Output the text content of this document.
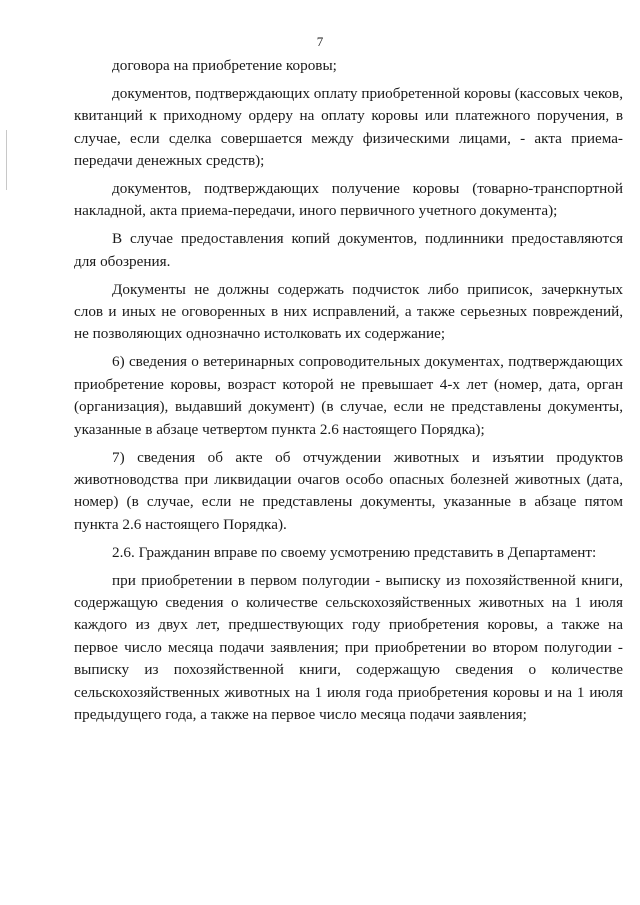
7

договора на приобретение коровы;

документов, подтверждающих оплату приобретенной коровы (кассовых чеков, квитанций к приходному ордеру на оплату коровы или платежного поручения, в случае, если сделка совершается между физическими лицами, - акта приема-передачи денежных средств);

документов, подтверждающих получение коровы (товарно-транспортной накладной, акта приема-передачи, иного первичного учетного документа);

В случае предоставления копий документов, подлинники предоставляются для обозрения.

Документы не должны содержать подчисток либо приписок, зачеркнутых слов и иных не оговоренных в них исправлений, а также серьезных повреждений, не позволяющих однозначно истолковать их содержание;

6) сведения о ветеринарных сопроводительных документах, подтверждающих приобретение коровы, возраст которой не превышает 4-х лет (номер, дата, орган (организация), выдавший документ) (в случае, если не представлены документы, указанные в абзаце четвертом пункта 2.6 настоящего Порядка);

7) сведения об акте об отчуждении животных и изъятии продуктов животноводства при ликвидации очагов особо опасных болезней животных (дата, номер) (в случае, если не представлены документы, указанные в абзаце пятом пункта 2.6 настоящего Порядка).

2.6. Гражданин вправе по своему усмотрению представить в Департамент:

при приобретении в первом полугодии - выписку из похозяйственной книги, содержащую сведения о количестве сельскохозяйственных животных на 1 июля каждого из двух лет, предшествующих году приобретения коровы, а также на первое число месяца подачи заявления; при приобретении во втором полугодии - выписку из похозяйственной книги, содержащую сведения о количестве сельскохозяйственных животных на 1 июля года приобретения коровы и на 1 июля предыдущего года, а также на первое число месяца подачи заявления;
